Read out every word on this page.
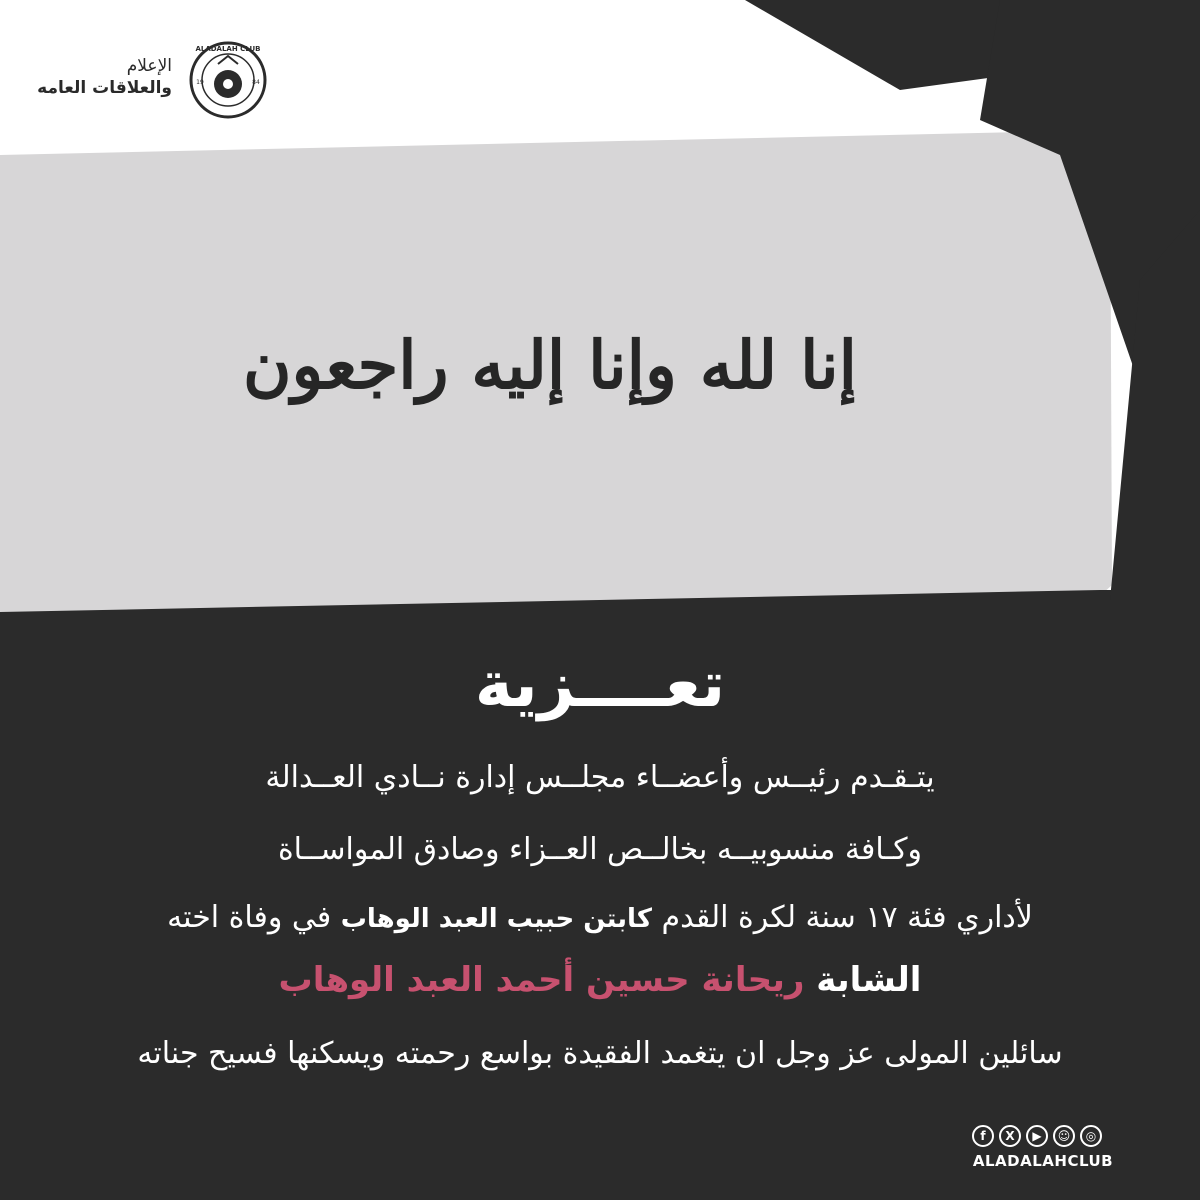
الإعلام
والعلاقات العامه
ALADALAH CLUB
19	84
إنا لله وإنا إليه راجعون
تعــــزية
يتـقـدم رئيــس وأعضــاء مجلــس إدارة نــادي العــدالة
وكـافة منسوبيــه بخالــص العــزاء وصادق المواســاة
لأداري فئة ١٧ سنة لكرة القدم كابتن حبيب العبد الوهاب في وفاة اخته
الشابة ريحانة حسين أحمد العبد الوهاب
سائلين المولى عز وجل ان يتغمد الفقيدة بواسع رحمته ويسكنها فسيح جناته
f	X	▶	☺	◎
ALADALAHCLUB
